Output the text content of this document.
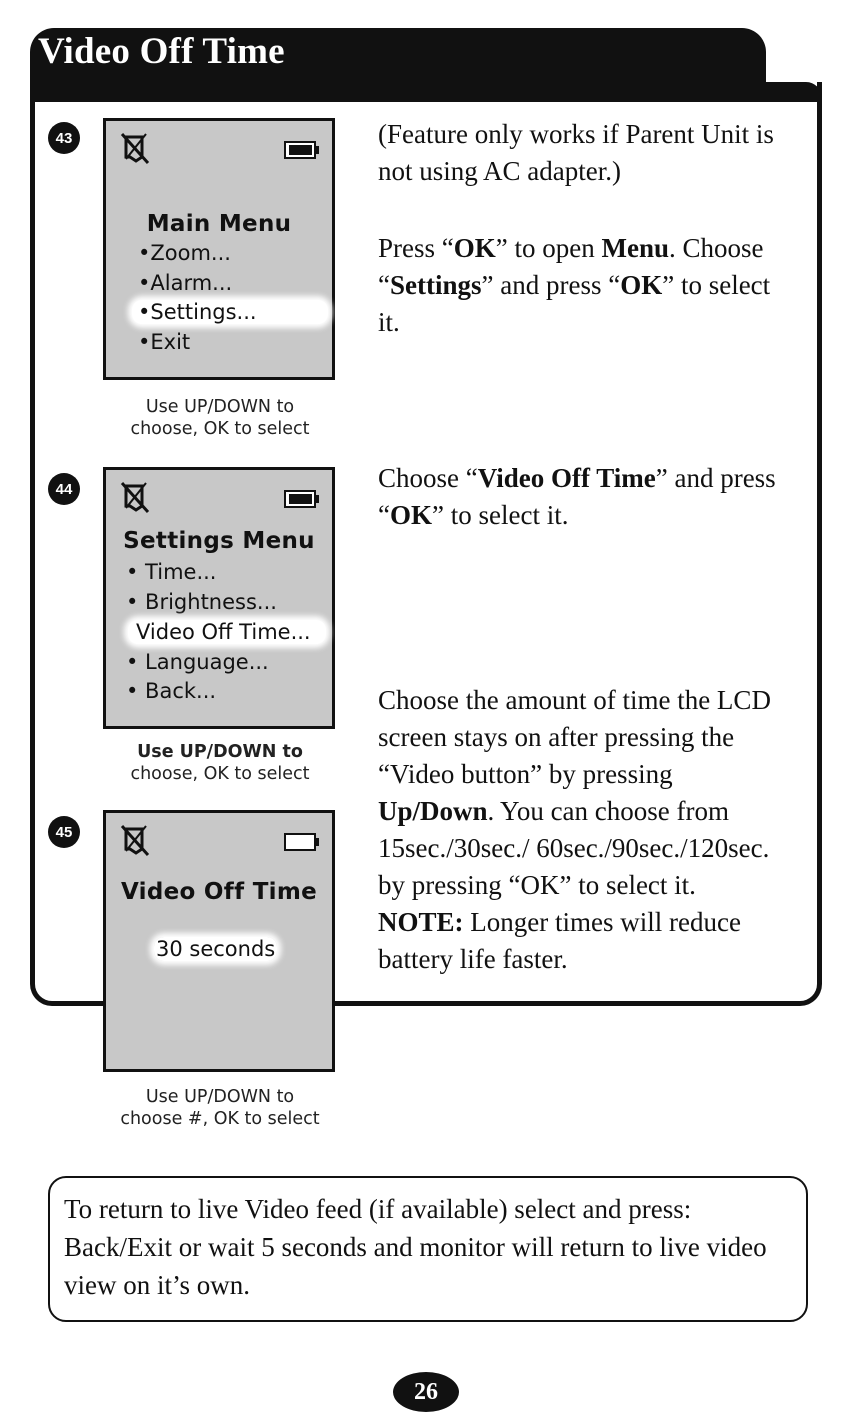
Video Off Time
43
Main Menu
•Zoom...
•Alarm...
•Settings...
•Exit
Use UP/DOWN to
choose, OK to select
44
Settings Menu
• Time...
• Brightness...
Video Off Time...
• Language...
• Back...
Use UP/DOWN to
choose, OK to select
45
Video Off Time
30 seconds
Use UP/DOWN to
choose #, OK to select
(Feature only works if Parent Unit is not using AC adapter.)
Press “OK” to open Menu. Choose “Settings” and press “OK” to select it.
Choose “Video Off Time” and press “OK” to select it.
Choose the amount of time the LCD screen stays on after pressing the “Video button” by pressing Up/Down. You can choose from 15sec./30sec./ 60sec./90sec./120sec. by pressing “OK” to select it. NOTE: Longer times will reduce battery life faster.
To return to live Video feed (if available) select and press: Back/Exit or wait 5 seconds and monitor will return to live video view on it’s own.
26
